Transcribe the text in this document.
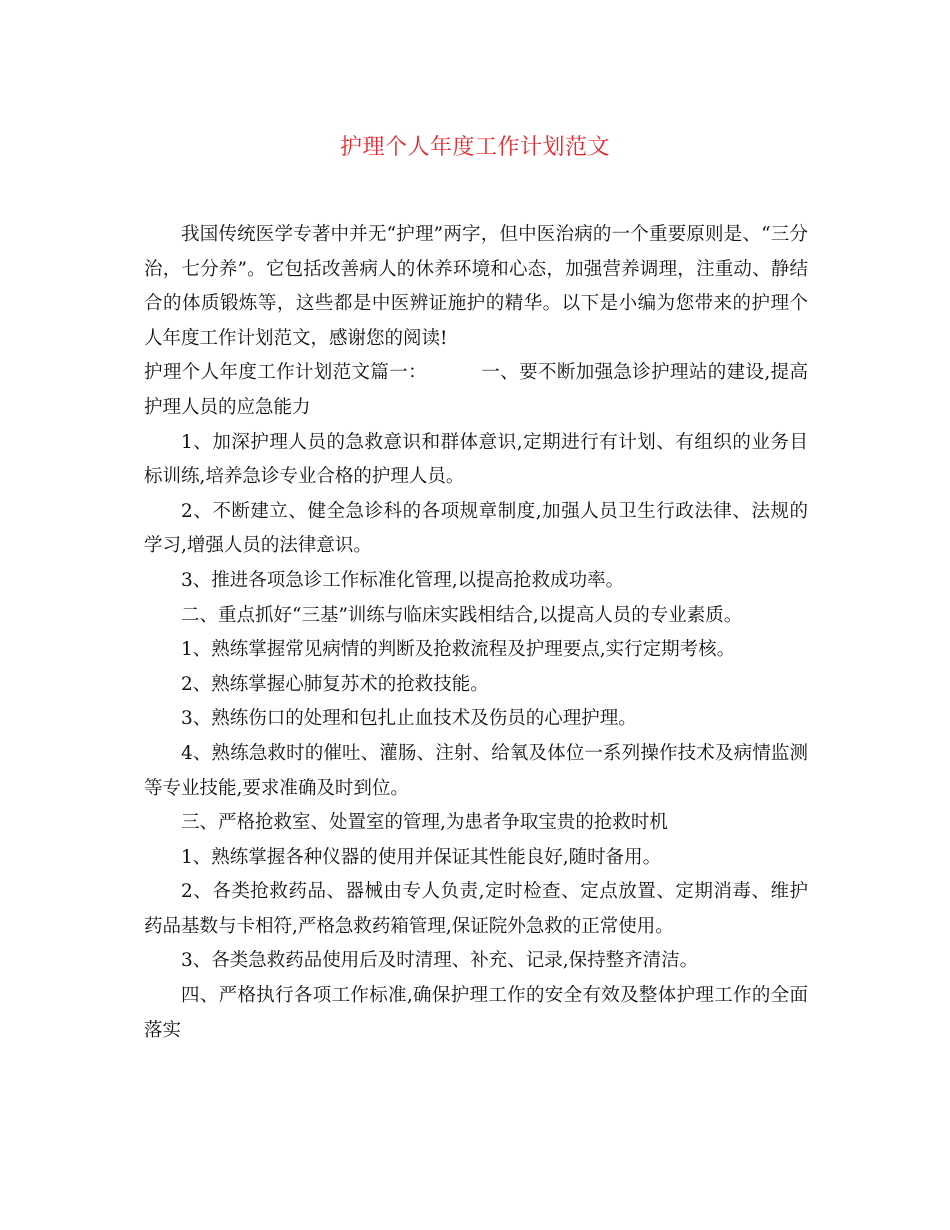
护理个人年度工作计划范文

我国传统医学专著中并无“护理”两字，但中医治病的一个重要原则是、“三分治，七分养”。它包括改善病人的休养环境和心态，加强营养调理，注重动、静结合的体质锻炼等，这些都是中医辨证施护的精华。以下是小编为您带来的护理个人年度工作计划范文，感谢您的阅读!

护理个人年度工作计划范文篇一：	一、要不断加强急诊护理站的建设,提高护理人员的应急能力

1、加深护理人员的急救意识和群体意识,定期进行有计划、有组织的业务目标训练,培养急诊专业合格的护理人员。

2、不断建立、健全急诊科的各项规章制度,加强人员卫生行政法律、法规的学习,增强人员的法律意识。

3、推进各项急诊工作标准化管理,以提高抢救成功率。

二、重点抓好“三基”训练与临床实践相结合,以提高人员的专业素质。

1、熟练掌握常见病情的判断及抢救流程及护理要点,实行定期考核。

2、熟练掌握心肺复苏术的抢救技能。

3、熟练伤口的处理和包扎止血技术及伤员的心理护理。

4、熟练急救时的催吐、灌肠、注射、给氧及体位一系列操作技术及病情监测等专业技能,要求准确及时到位。

三、严格抢救室、处置室的管理,为患者争取宝贵的抢救时机

1、熟练掌握各种仪器的使用并保证其性能良好,随时备用。

2、各类抢救药品、器械由专人负责,定时检查、定点放置、定期消毒、维护药品基数与卡相符,严格急救药箱管理,保证院外急救的正常使用。

3、各类急救药品使用后及时清理、补充、记录,保持整齐清洁。

四、严格执行各项工作标准,确保护理工作的安全有效及整体护理工作的全面落实
